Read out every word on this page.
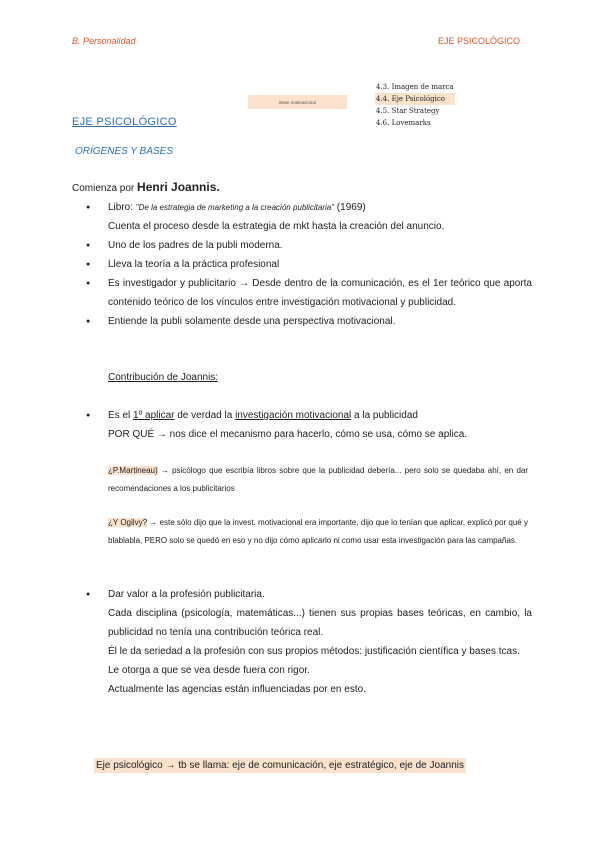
B. Personalidad	EJE PSICOLÓGICO
Base motivacional
4.3. Imagen de marca
4.4. Eje Psicológico
4.5. Star Strategy
4.6. Lovemarks
EJE PSICOLÓGICO
ORÍGENES Y BASES
Comienza por Henri Joannis.
● Libro: "De la estrategia de marketing a la creación publicitaria" (1969)
Cuenta el proceso desde la estrategia de mkt hasta la creación del anuncio.
● Uno de los padres de la publi moderna.
● Lleva la teoría a la práctica profesional
● Es investigador y publicitario → Desde dentro de la comunicación, es el 1er teórico que aporta contenido teórico de los vínculos entre investigación motivacional y publicidad.
● Entiende la publi solamente desde una perspectiva motivacional.
Contribución de Joannis:
● Es el 1º aplicar de verdad la investigación motivacional a la publicidad
POR QUÉ → nos dice el mecanismo para hacerlo, cómo se usa, cómo se aplica.
¿P.Martineau) → psicólogo que escribía libros sobre que la publicidad debería... pero solo se quedaba ahí, en dar recomendaciones a los publicitarios
¿Y Ogilvy? → este sólo dijo que la invest. motivacional era importante, dijo que lo tenían que aplicar, explicó por qué y blablabla, PERO solo se quedó en eso y no dijo cómo aplicarlo ni como usar esta investigación para las campañas.
● Dar valor a la profesión publicitaria.
Cada disciplina (psicología, matemáticas...) tienen sus propias bases teóricas, en cambio, la publicidad no tenía una contribución teórica real.
Él le da seriedad a la profesión con sus propios métodos: justificación científica y bases tcas.
Le otorga a que se vea desde fuera con rigor.
Actualmente las agencias están influenciadas por en esto.
Eje psicológico → tb se llama: eje de comunicación, eje estratégico, eje de Joannis
